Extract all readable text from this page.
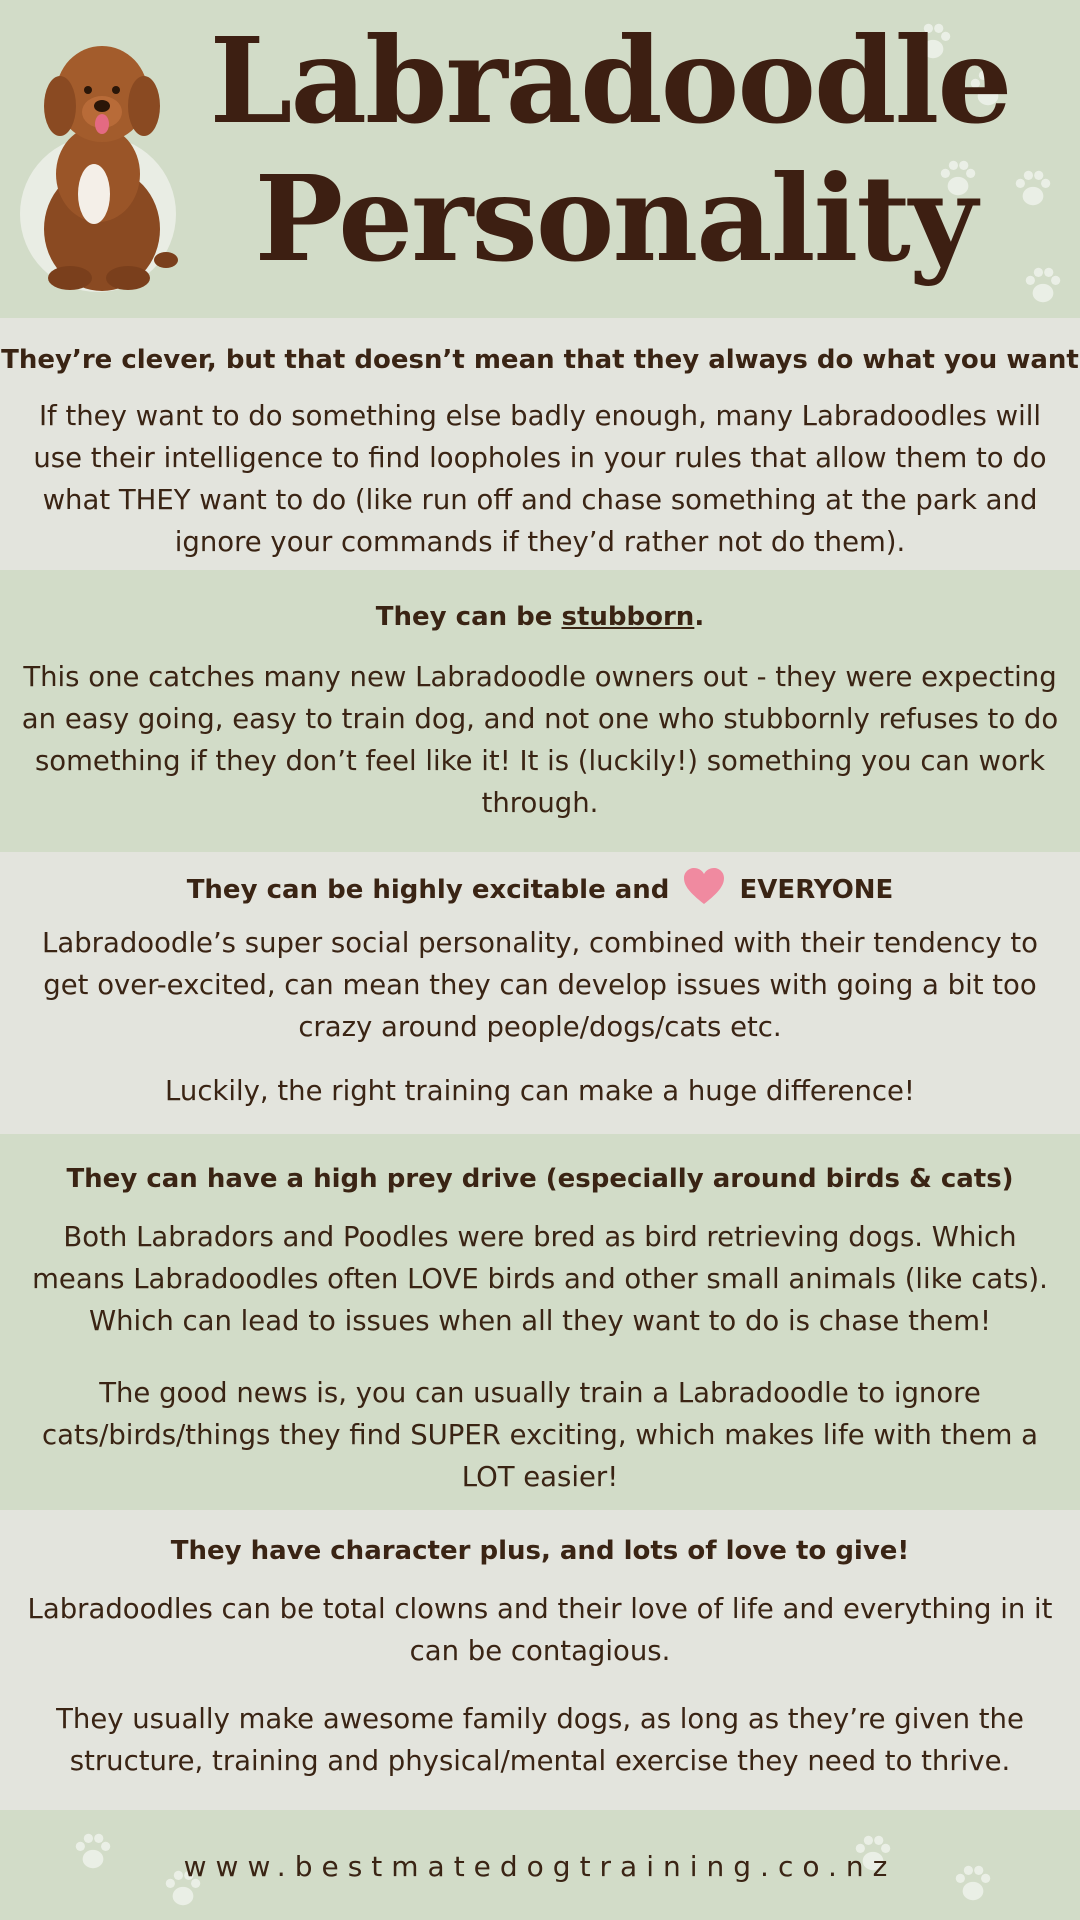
Labradoodle
Personality
They’re clever, but that doesn’t mean that they always do what you want
If they want to do something else badly enough, many Labradoodles will use their intelligence to find loopholes in your rules that allow them to do what THEY want to do (like run off and chase something at the park and ignore your commands if they’d rather not do them).
They can be stubborn.
This one catches many new Labradoodle owners out - they were expecting an easy going, easy to train dog, and not one who stubbornly refuses to do something if they don’t feel like it! It is (luckily!) something you can work through.
They can be highly excitable and	EVERYONE
Labradoodle’s super social personality, combined with their tendency to get over-excited, can mean they can develop issues with going a bit too crazy around people/dogs/cats etc.
Luckily, the right training can make a huge difference!
They can have a high prey drive (especially around birds & cats)
Both Labradors and Poodles were bred as bird retrieving dogs. Which means Labradoodles often LOVE birds and other small animals (like cats). Which can lead to issues when all they want to do is chase them!
The good news is, you can usually train a Labradoodle to ignore cats/birds/things they find SUPER exciting, which makes life with them a LOT easier!
They have character plus, and lots of love to give!
Labradoodles can be total clowns and their love of life and everything in it can be contagious.
They usually make awesome family dogs, as long as they’re given the structure, training and physical/mental exercise they need to thrive.
www.bestmatedogtraining.co.nz
